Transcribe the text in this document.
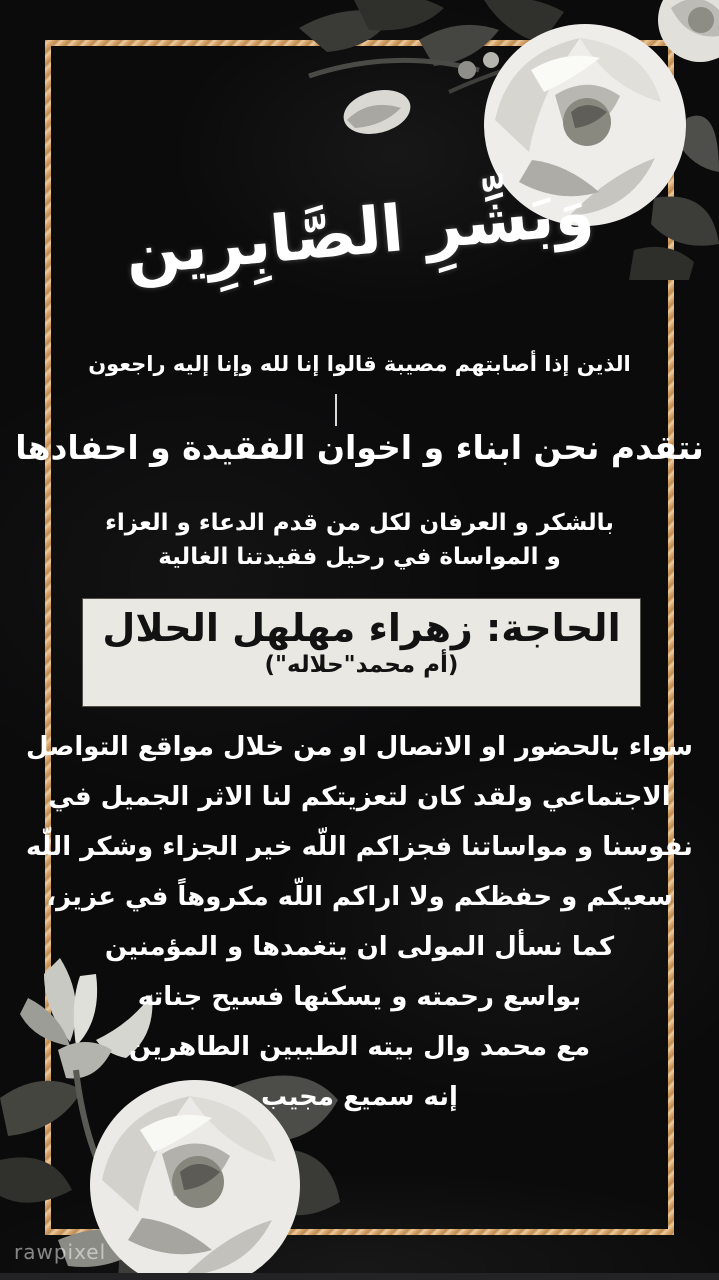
وَبَشِّرِ الصَّابِرِين
الذين إذا أصابتهم مصيبة قالوا إنا لله وإنا إليه راجعون
نتقدم نحن ابناء و اخوان الفقيدة و احفادها
بالشكر و العرفان لكل من قدم الدعاء و العزاء
و المواساة في رحيل فقيدتنا الغالية
الحاجة: زهراء مهلهل الحلال
(أم محمد"حلاله")
سواء بالحضور او الاتصال او من خلال مواقع التواصل
الاجتماعي ولقد كان لتعزيتكم لنا الاثر الجميل في
نفوسنا و مواساتنا فجزاكم اللّه خير الجزاء وشكر اللّه
سعيكم و حفظكم ولا اراكم اللّه مكروهاً في عزيز،
كما نسأل المولى ان يتغمدها و المؤمنين
بواسع رحمته و يسكنها فسيح جناته
مع محمد وال بيته الطيبين الطاهرين
إنه سميع مجيب
rawpixel
